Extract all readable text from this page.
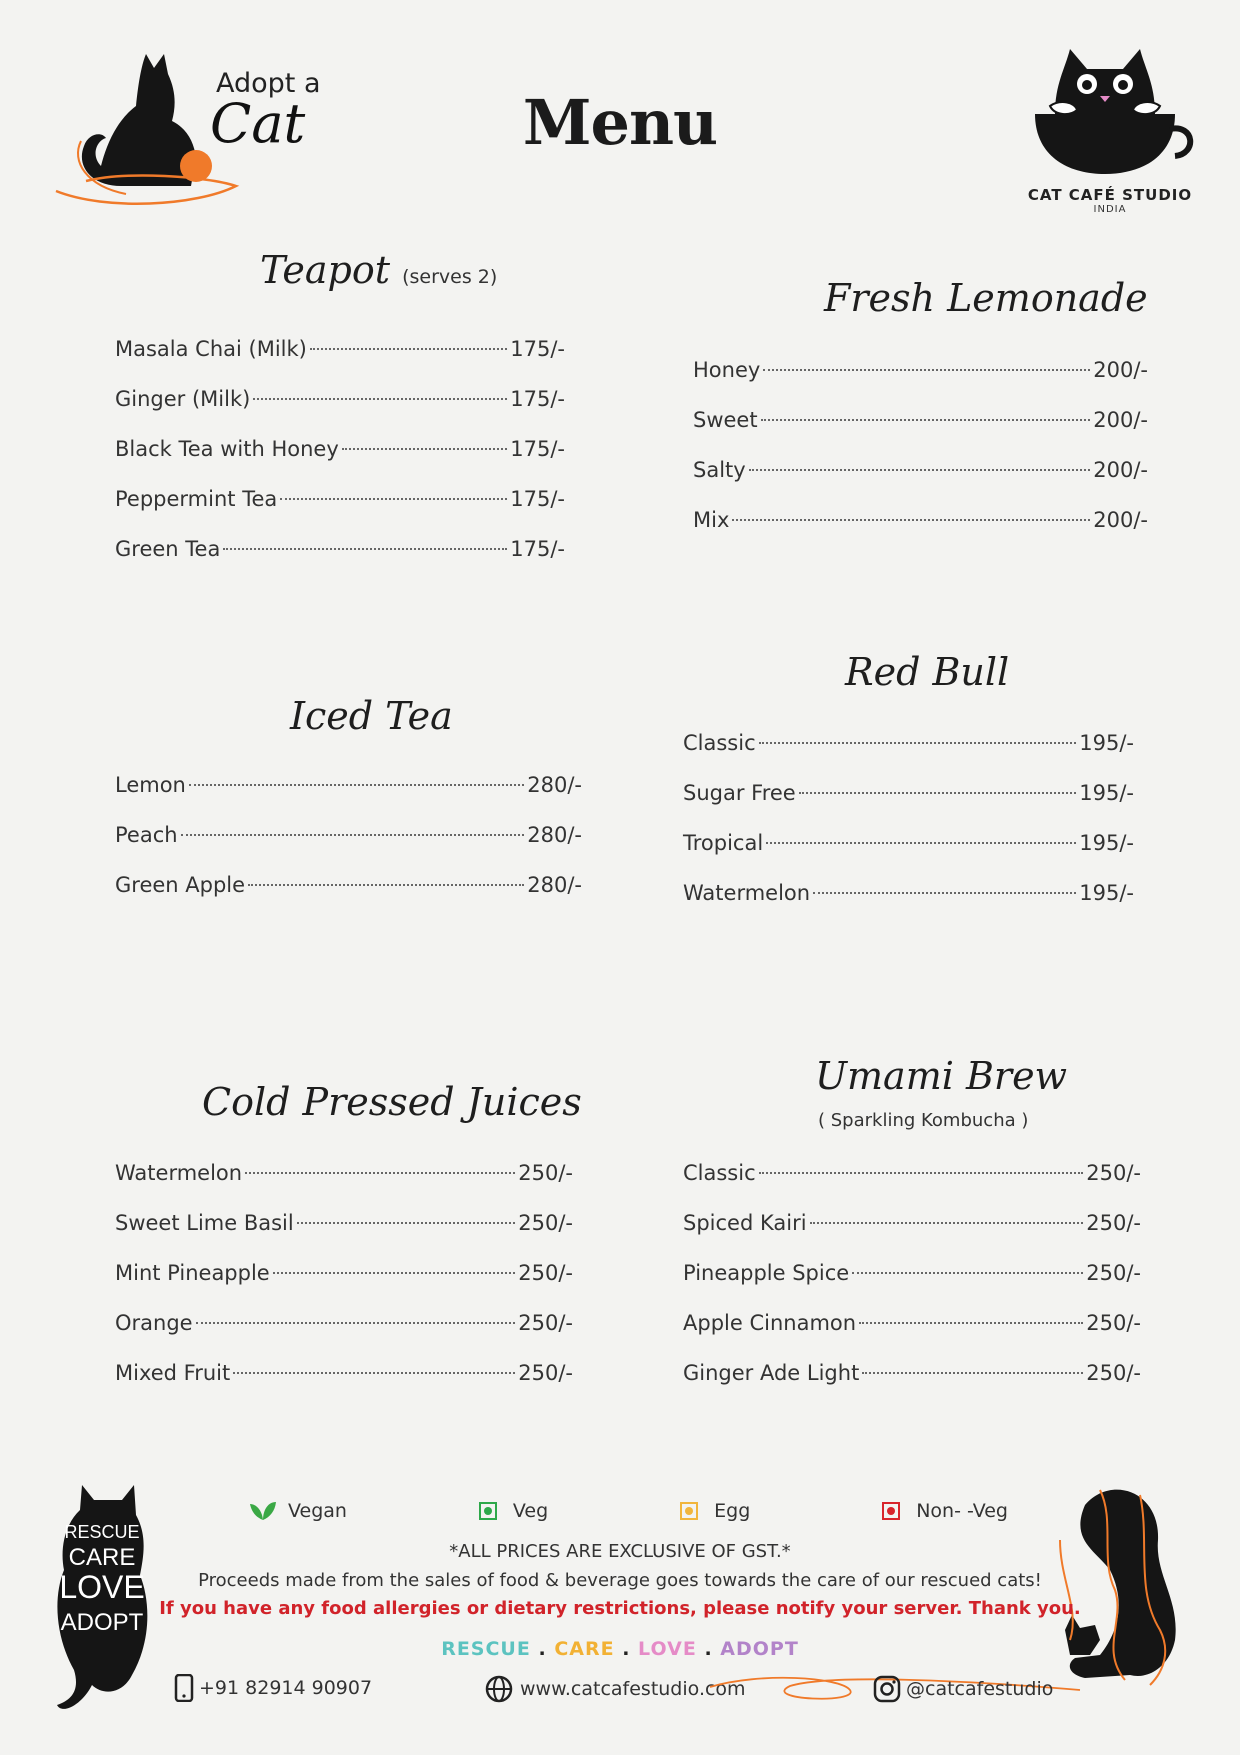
Adopt a
Cat	Menu
CAT CAFÉ STUDIO
INDIA
Teapot (serves 2)
Masala Chai (Milk)	175/-
Ginger (Milk)	175/-
Black Tea with Honey	175/-
Peppermint Tea	175/-
Green Tea	175/-
Fresh Lemonade
Honey	200/-
Sweet	200/-
Salty	200/-
Mix	200/-
Iced Tea
Lemon	280/-
Peach	280/-
Green Apple	280/-
Red Bull
Classic	195/-
Sugar Free	195/-
Tropical	195/-
Watermelon	195/-
Cold Pressed Juices
Watermelon	250/-
Sweet Lime Basil	250/-
Mint Pineapple	250/-
Orange	250/-
Mixed Fruit	250/-
Umami Brew
( Sparkling Kombucha )
Classic	250/-
Spiced Kairi	250/-
Pineapple Spice	250/-
Apple Cinnamon	250/-
Ginger Ade Light	250/-
RESCUE
CARE
LOVE
ADOPT
Vegan	Veg	Egg	Non- -Veg
*ALL PRICES ARE EXCLUSIVE OF GST.*
Proceeds made from the sales of food & beverage goes towards the care of our rescued cats!
If you have any food allergies or dietary restrictions, please notify your server. Thank you.
RESCUE . CARE . LOVE . ADOPT
+91 82914 90907	www.catcafestudio.com	@catcafestudio
